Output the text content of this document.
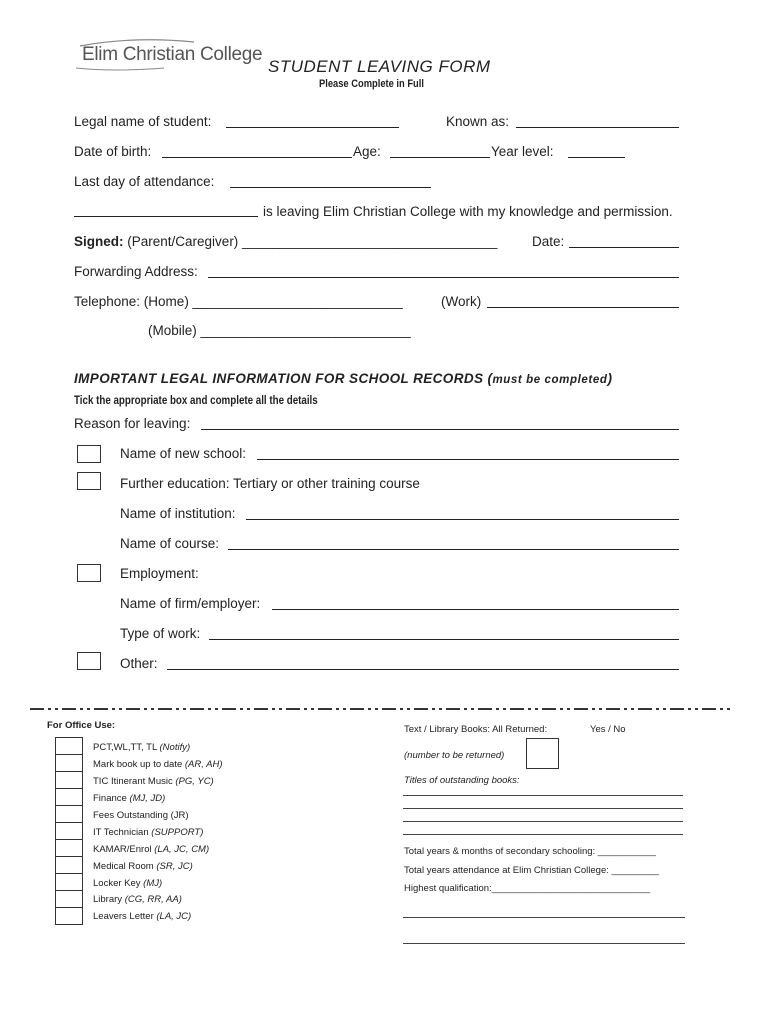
Elim Christian College
STUDENT LEAVING FORM
Please Complete in Full
Legal name of student:	Known as:
Date of birth:	Age:	Year level:
Last day of attendance:
is leaving Elim Christian College with my knowledge and permission.
Signed: (Parent/Caregiver) __________________________________	Date:
Forwarding Address:
Telephone: (Home) ____________________________	(Work)
(Mobile) ____________________________
IMPORTANT LEGAL INFORMATION FOR SCHOOL RECORDS (must be completed)
Tick the appropriate box and complete all the details
Reason for leaving:
Name of new school:
Further education: Tertiary or other training course
Name of institution:
Name of course:
Employment:
Name of firm/employer:
Type of work:
Other:
For Office Use:
PCT,WL,TT, TL (Notify)
Mark book up to date (AR, AH)
TIC Itinerant Music (PG, YC)
Finance (MJ, JD)
Fees Outstanding (JR)
IT Technician (SUPPORT)
KAMAR/Enrol (LA, JC, CM)
Medical Room (SR, JC)
Locker Key (MJ)
Library (CG, RR, AA)
Leavers Letter (LA, JC)
Text / Library Books: All Returned:	Yes / No
(number to be returned)
Titles of outstanding books:
Total years & months of secondary schooling: ___________
Total years attendance at Elim Christian College: _________
Highest qualification:______________________________
